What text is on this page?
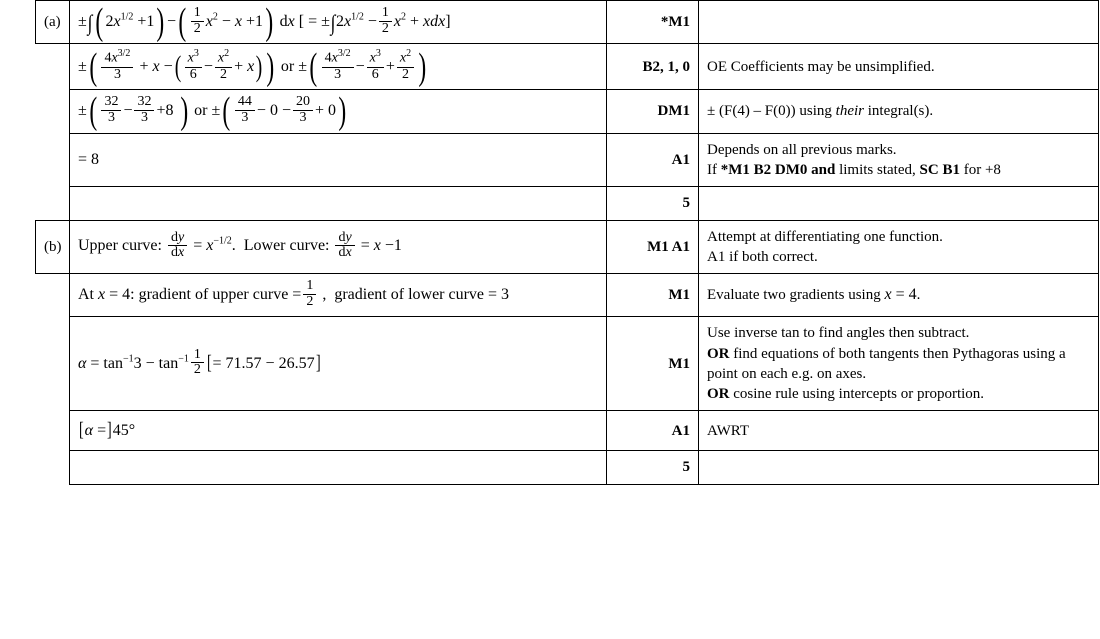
(a)	±∫( $2x^{1/2} +1$) −( $\frac{1}{2} x^2 - x +1$) dx [ = $\pm\int 2x^{1/2} - \frac{1}{2} x^2 + xdx$]	*M1	
	±( $\frac{4x^{3/2}}{3} + x$ −( $\frac{x^3}{6} - \frac{x^2}{2} + x$) ) or ±( $\frac{4x^{3/2}}{3} - \frac{x^3}{6} + \frac{x^2}{2}$ )	B2, 1, 0	OE Coefficients may be unsimplified.
	±( $\frac{32}{3} - \frac{32}{3} +8$ ) or ±( $\frac{44}{3} - 0 - \frac{20}{3} + 0$)	DM1	± (F(4) – F(0)) using their integral(s).
	= 8	A1	Depends on all previous marks.
If *M1 B2 DM0 and limits stated, SC B1 for +8

		5	
(b)	Upper curve: $\frac{dy}{dx} = x^{-1/2}$.  Lower curve: $\frac{dy}{dx} = x -1$	M1 A1	
Attempt at differentiating one function.
A1 if both correct.

	At x = 4: gradient of upper curve = $\frac{1}{2}$ ,  gradient of lower curve = 3	M1	Evaluate two gradients using x = 4.
	$\alpha = \tan^{-1}3 - \tan^{-1} \frac{1}{2}$ [= 71.57 − 26.57]	M1	Use inverse tan to find angles then subtract.
OR find equations of both tangents then Pythagoras using a point on each e.g. on axes.
OR cosine rule using intercepts or proportion.

	[α =]45°	A1	AWRT
		5	
